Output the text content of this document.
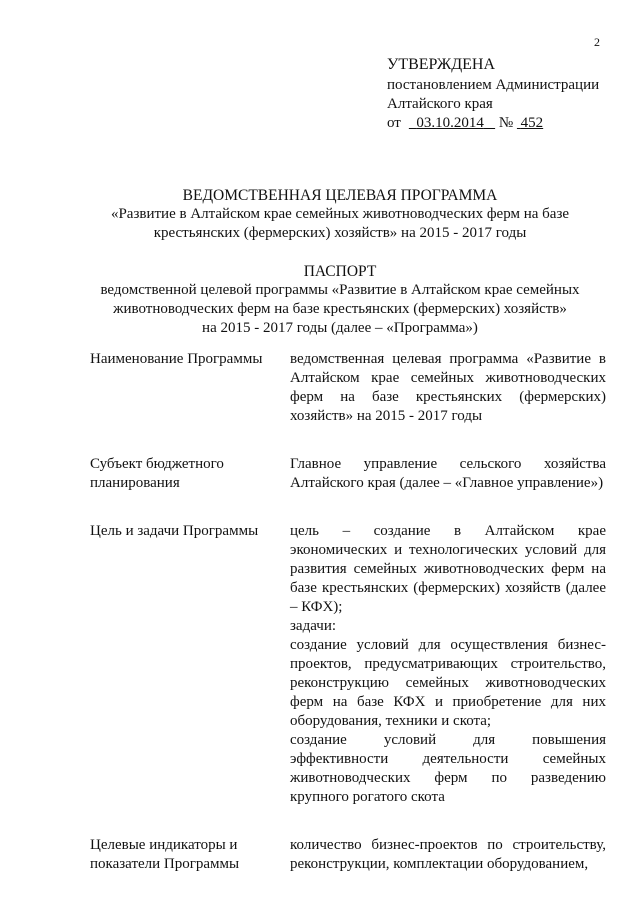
2
УТВЕРЖДЕНА
постановлением Администрации
Алтайского края
от 03.10.2014 № 452
ВЕДОМСТВЕННАЯ ЦЕЛЕВАЯ ПРОГРАММА
«Развитие в Алтайском крае семейных животноводческих ферм на базе
крестьянских (фермерских) хозяйств» на 2015 - 2017 годы
ПАСПОРТ
ведомственной целевой программы «Развитие в Алтайском крае семейных
животноводческих ферм на базе крестьянских (фермерских) хозяйств»
на 2015 - 2017 годы (далее – «Программа»)
Наименование Программы	ведомственная целевая программа «Развитие в Алтайском крае семейных животноводческих ферм на базе крестьянских (фермерских) хозяйств» на 2015 - 2017 годы
Субъект бюджетного планирования
Главное управление сельского хозяйства Алтайского края (далее – «Главное управление»)
Цель и задачи Программы	цель – создание в Алтайском крае экономических и технологических условий для развития семейных животноводческих ферм на базе крестьянских (фермерских) хозяйств (далее – КФХ);
задачи:
создание условий для осуществления бизнес-проектов, предусматривающих строительство, реконструкцию семейных животноводческих ферм на базе КФХ и приобретение для них оборудования, техники и скота;
создание условий для повышения эффективности деятельности семейных животноводческих ферм по разведению крупного рогатого скота
Целевые индикаторы и показатели Программы
количество бизнес-проектов по строительству, реконструкции, комплектации оборудованием,
